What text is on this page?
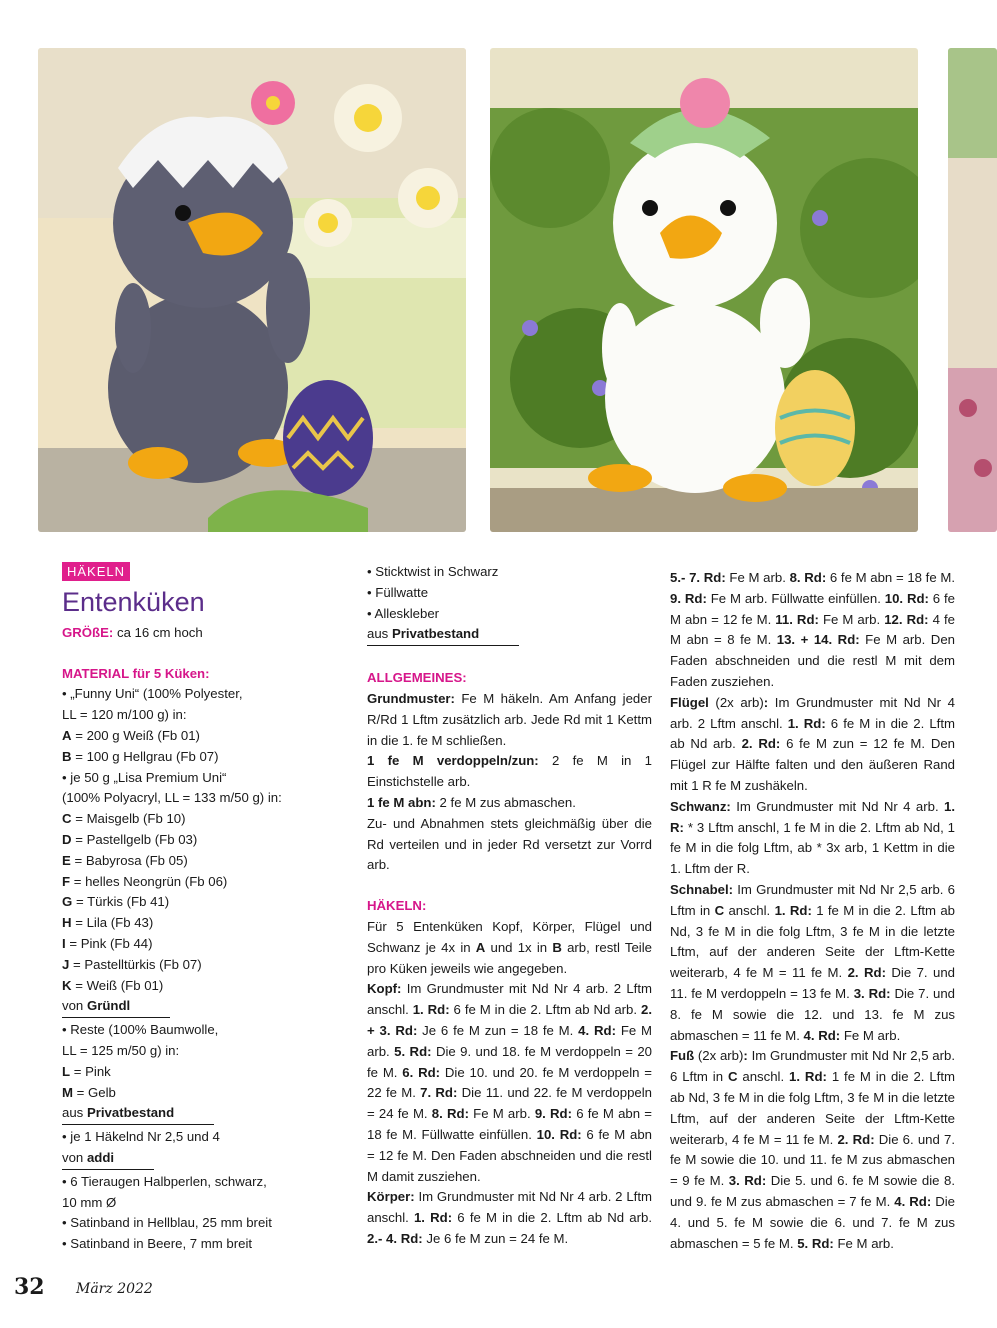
HÄKELN
Entenküken

GRÖßE: ca 16 cm hoch

MATERIAL für 5 Küken:

• „Funny Uni“ (100% Polyester,

LL = 120 m/100 g) in:

A = 200 g Weiß (Fb 01)

B = 100 g Hellgrau (Fb 07)

• je 50 g „Lisa Premium Uni“

(100% Polyacryl, LL = 133 m/50 g) in:

C = Maisgelb (Fb 10)

D = Pastellgelb (Fb 03)

E = Babyrosa (Fb 05)

F = helles Neongrün (Fb 06)

G = Türkis (Fb 41)

H = Lila (Fb 43)

I = Pink (Fb 44)

J = Pastelltürkis (Fb 07)

K = Weiß (Fb 01)

von Gründl

• Reste (100% Baumwolle,

LL = 125 m/50 g) in:

L = Pink

M = Gelb

aus Privatbestand

• je 1 Häkelnd Nr 2,5 und 4

von addi

• 6 Tieraugen Halbperlen, schwarz,

10 mm Ø

• Satinband in Hellblau, 25 mm breit

• Satinband in Beere, 7 mm breit

• Sticktwist in Schwarz

• Füllwatte

• Alleskleber

aus Privatbestand

ALLGEMEINES:

Grundmuster: Fe M häkeln. Am Anfang jeder R/Rd 1 Lftm zusätzlich arb. Jede Rd mit 1 Kettm in die 1. fe M schließen.

1 fe M verdoppeln/zun: 2 fe M in 1 Einstichstelle arb.

1 fe M abn: 2 fe M zus abmaschen.

Zu- und Abnahmen stets gleichmäßig über die Rd verteilen und in jeder Rd versetzt zur Vorrd arb.

HÄKELN:

Für 5 Entenküken Kopf, Körper, Flügel und Schwanz je 4x in A und 1x in B arb, restl Teile pro Küken jeweils wie angegeben.

Kopf: Im Grundmuster mit Nd Nr 4 arb. 2 Lftm anschl. 1. Rd: 6 fe M in die 2. Lftm ab Nd arb. 2. + 3. Rd: Je 6 fe M zun = 18 fe M. 4. Rd: Fe M arb. 5. Rd: Die 9. und 18. fe M verdoppeln = 20 fe M. 6. Rd: Die 10. und 20. fe M verdoppeln = 22 fe M. 7. Rd: Die 11. und 22. fe M verdoppeln = 24 fe M. 8. Rd: Fe M arb. 9. Rd: 6 fe M abn = 18 fe M. Füllwatte einfüllen. 10. Rd: 6 fe M abn = 12 fe M. Den Faden abschneiden und die restl M damit zusziehen.

Körper: Im Grundmuster mit Nd Nr 4 arb. 2 Lftm anschl. 1. Rd: 6 fe M in die 2. Lftm ab Nd arb. 2.- 4. Rd: Je 6 fe M zun = 24 fe M.

5.- 7. Rd: Fe M arb. 8. Rd: 6 fe M abn = 18 fe M. 9. Rd: Fe M arb. Füllwatte einfüllen. 10. Rd: 6 fe M abn = 12 fe M. 11. Rd: Fe M arb. 12. Rd: 4 fe M abn = 8 fe M. 13. + 14. Rd: Fe M arb. Den Faden abschneiden und die restl M mit dem Faden zusziehen.

Flügel (2x arb): Im Grundmuster mit Nd Nr 4 arb. 2 Lftm anschl. 1. Rd: 6 fe M in die 2. Lftm ab Nd arb. 2. Rd: 6 fe M zun = 12 fe M. Den Flügel zur Hälfte falten und den äußeren Rand mit 1 R fe M zushäkeln.

Schwanz: Im Grundmuster mit Nd Nr 4 arb. 1. R: * 3 Lftm anschl, 1 fe M in die 2. Lftm ab Nd, 1 fe M in die folg Lftm, ab * 3x arb, 1 Kettm in die 1. Lftm der R.

Schnabel: Im Grundmuster mit Nd Nr 2,5 arb. 6 Lftm in C anschl. 1. Rd: 1 fe M in die 2. Lftm ab Nd, 3 fe M in die folg Lftm, 3 fe M in die letzte Lftm, auf der anderen Seite der Lftm-Kette weiterarb, 4 fe M = 11 fe M. 2. Rd: Die 7. und 11. fe M verdoppeln = 13 fe M. 3. Rd: Die 7. und 8. fe M sowie die 12. und 13. fe M zus abmaschen = 11 fe M. 4. Rd: Fe M arb.

Fuß (2x arb): Im Grundmuster mit Nd Nr 2,5 arb. 6 Lftm in C anschl. 1. Rd: 1 fe M in die 2. Lftm ab Nd, 3 fe M in die folg Lftm, 3 fe M in die letzte Lftm, auf der anderen Seite der Lftm-Kette weiterarb, 4 fe M = 11 fe M. 2. Rd: Die 6. und 7. fe M sowie die 10. und 11. fe M zus abmaschen = 9 fe M. 3. Rd: Die 5. und 6. fe M sowie die 8. und 9. fe M zus abmaschen = 7 fe M. 4. Rd: Die 4. und 5. fe M sowie die 6. und 7. fe M zus abmaschen = 5 fe M. 5. Rd: Fe M arb.

32 März 2022
